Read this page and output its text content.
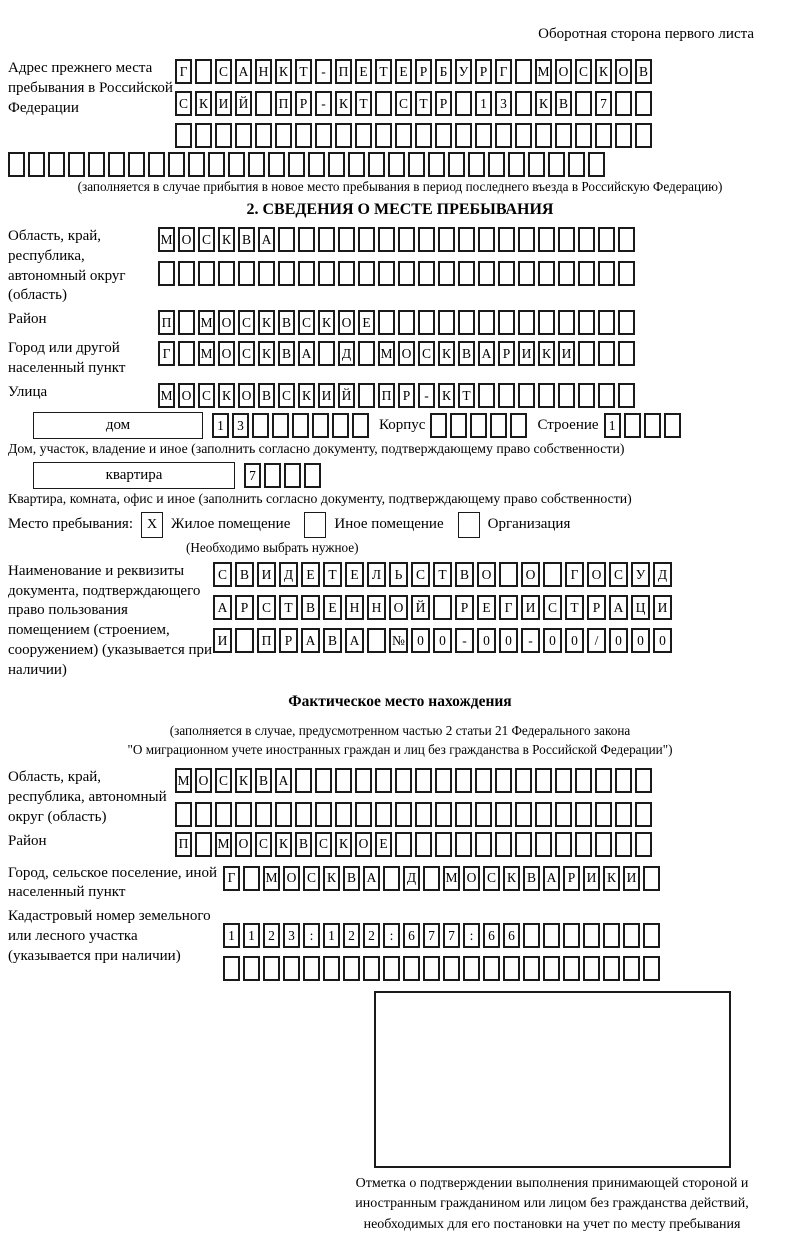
Оборотная сторона первого листа
Адрес прежнего места пребывания в Российской Федерации
Г	С А Н К Т	- П Е Т Е Р Б У Р Г	М О С К О В
С К И Й П Р	- К Т	С Т Р	1 3	К В	7
(заполняется в случае прибытия в новое место пребывания в период последнего въезда в Российскую Федерацию)
2. СВЕДЕНИЯ О МЕСТЕ ПРЕБЫВАНИЯ
Область, край, республика, автономный округ (область)
М О С К В А
Район	П М О С К В С К О Е
Город или другой населенный пункт
Г	М О С К В А Д М О С К В А Р И К И
Улица	М О С К О В С К И Й П Р	- К Т
дом	1 3	Корпус	Строение 1
Дом, участок, владение и иное (заполнить согласно документу, подтверждающему право собственности)
квартира	7
Квартира, комната, офис и иное (заполнить согласно документу, подтверждающему право собственности)
Место пребывания: X Жилое помещение	Иное помещение	Организация
(Необходимо выбрать нужное)
Наименование и реквизиты документа, подтверждающего право пользования помещением (строением, сооружением) (указывается при наличии)
С В И Д Е	Т	Е Л	Ь	С Т В О	О	Г О С У Д
А Р	С Т В Е Н Н О Й	Р	Е	Г И С Т	Р А Ц И
И	П Р А В А	№ 0	0	-	0	0	-	0	0	/	0	0	0
Фактическое место нахождения
(заполняется в случае, предусмотренном частью 2 статьи 21 Федерального закона
"О миграционном учете иностранных граждан и лиц без гражданства в Российской Федерации")
Область, край, республика, автономный округ (область)
М О С К В А
Район	П М О С К В С К О Е
Город, сельское поселение, иной населенный пункт
Г	М О С К В А Д М О С К В А Р И К И
Кадастровый номер земельного или лесного участка (указывается при наличии)
1 1 2 3	:	1 2 2	:	6 7 7	:	6 6
Отметка о подтверждении выполнения принимающей стороной и иностранным гражданином или лицом без гражданства действий, необходимых для его постановки на учет по месту пребывания
